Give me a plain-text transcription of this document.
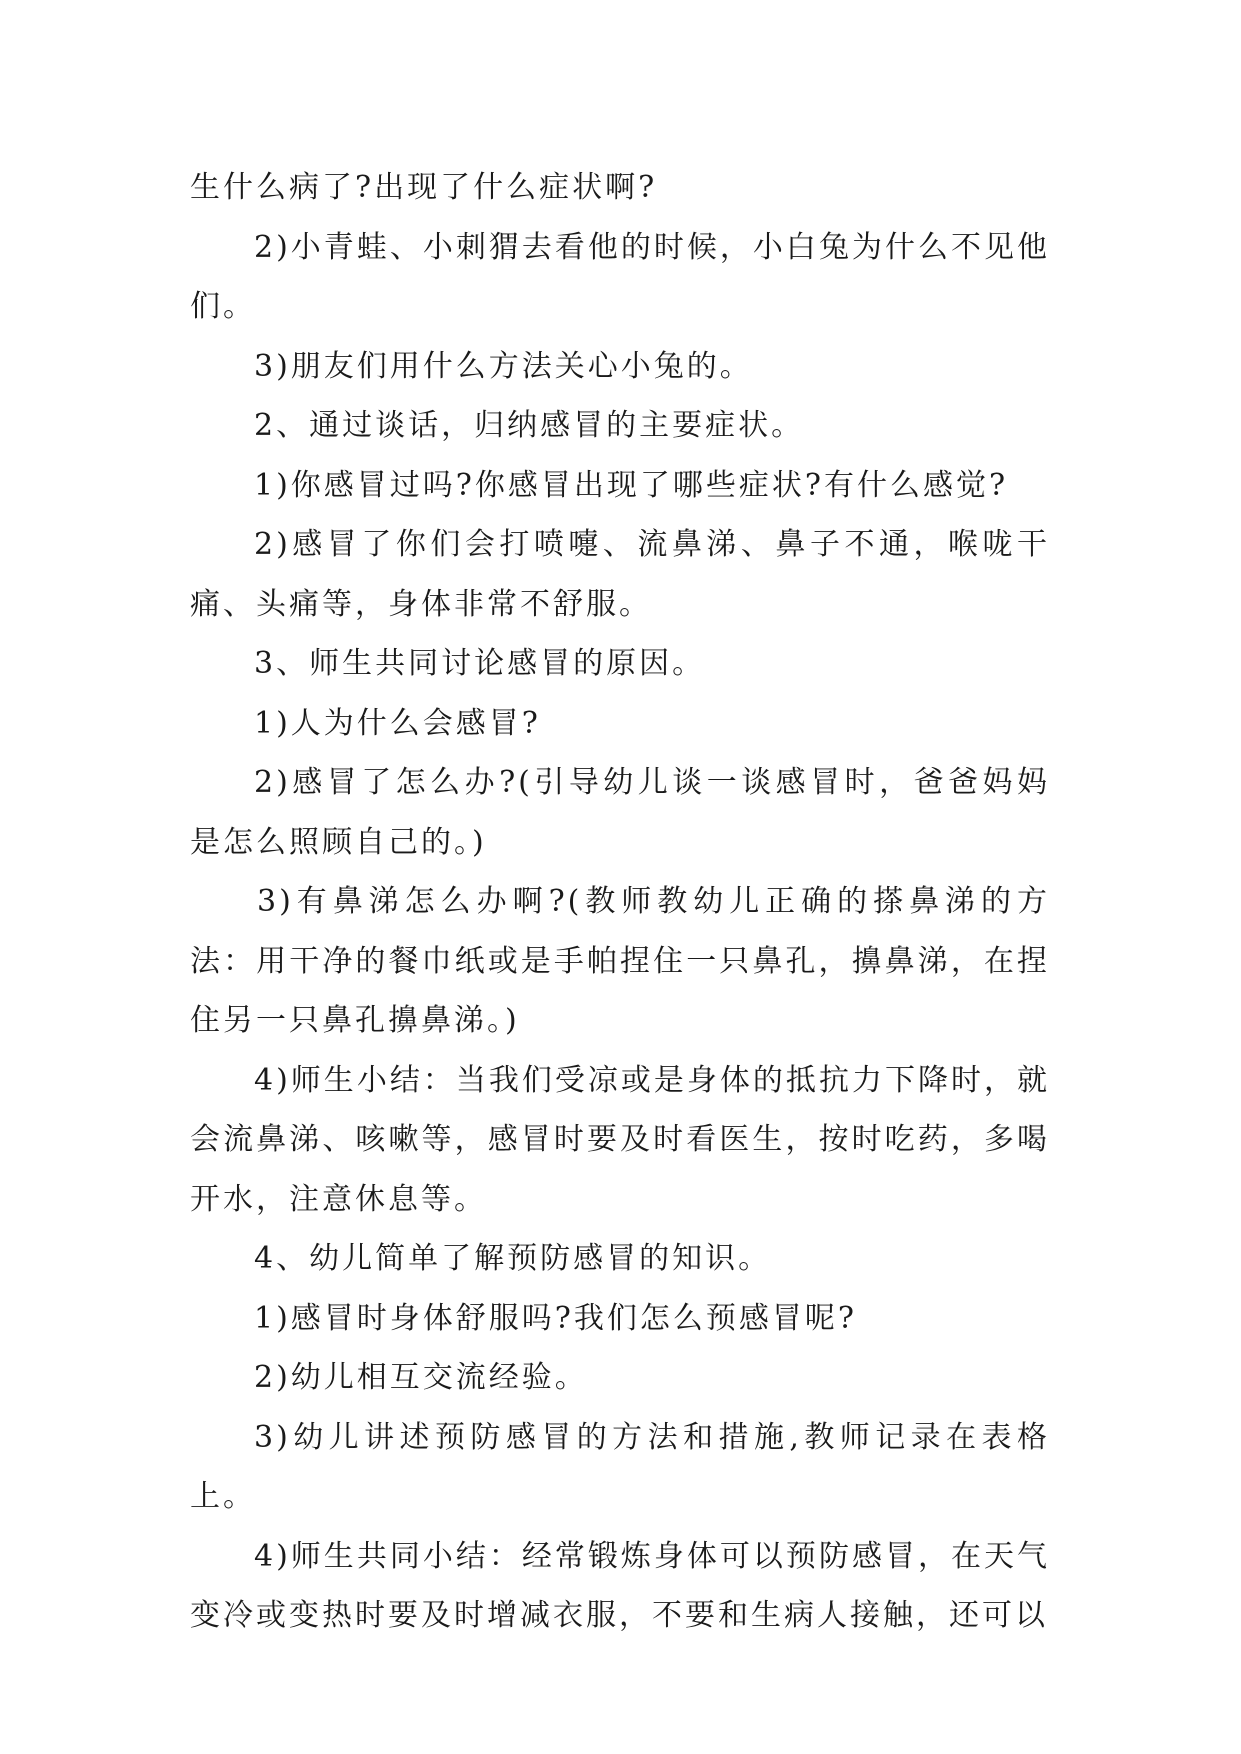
生什么病了?出现了什么症状啊?

2)小青蛙、小刺猬去看他的时候，小白兔为什么不见他们。

3)朋友们用什么方法关心小兔的。

2、通过谈话，归纳感冒的主要症状。

1)你感冒过吗?你感冒出现了哪些症状?有什么感觉?

2)感冒了你们会打喷嚏、流鼻涕、鼻子不通，喉咙干痛、头痛等，身体非常不舒服。

3、师生共同讨论感冒的原因。

1)人为什么会感冒?

2)感冒了怎么办?(引导幼儿谈一谈感冒时，爸爸妈妈是怎么照顾自己的。)

3)有鼻涕怎么办啊?(教师教幼儿正确的搽鼻涕的方法：用干净的餐巾纸或是手帕捏住一只鼻孔，擤鼻涕，在捏住另一只鼻孔擤鼻涕。)

4)师生小结：当我们受凉或是身体的抵抗力下降时，就会流鼻涕、咳嗽等，感冒时要及时看医生，按时吃药，多喝开水，注意休息等。

4、幼儿简单了解预防感冒的知识。

1)感冒时身体舒服吗?我们怎么预感冒呢?

2)幼儿相互交流经验。

3)幼儿讲述预防感冒的方法和措施,教师记录在表格上。

4)师生共同小结：经常锻炼身体可以预防感冒，在天气变冷或变热时要及时增减衣服，不要和生病人接触，还可以
